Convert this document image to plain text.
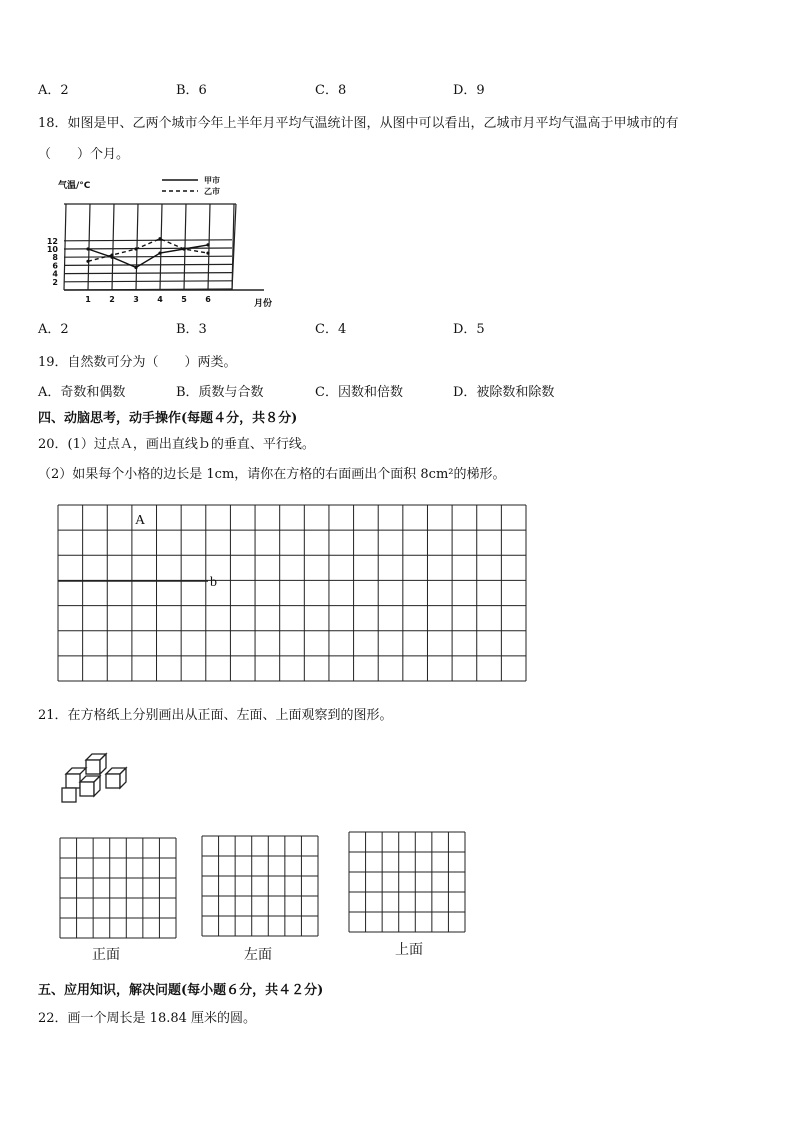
A．2	B．6	C．8	D．9
18．如图是甲、乙两个城市今年上半年月平均气温统计图，从图中可以看出，乙城市月平均气温高于甲城市的有
（　　）个月。
2
4
6
8
10
12
1 2 3 4 5 6
气温/°C
月份
甲市
乙市
A．2	B．3	C．4	D．5
19．自然数可分为（　　）两类。
A．奇数和偶数	B．质数与合数	C．因数和倍数	D．被除数和除数
四、动脑思考，动手操作(每题４分，共８分)
20．(1）过点Ａ，画出直线ｂ的垂直、平行线。
（2）如果每个小格的边长是 1cm，请你在方格的右面画出个面积 8cm²的梯形。
A
b
21．在方格纸上分别画出从正面、左面、上面观察到的图形。
正面	左面	上面
五、应用知识，解决问题(每小题６分，共４２分)
22．画一个周长是 18.84 厘米的圆。
